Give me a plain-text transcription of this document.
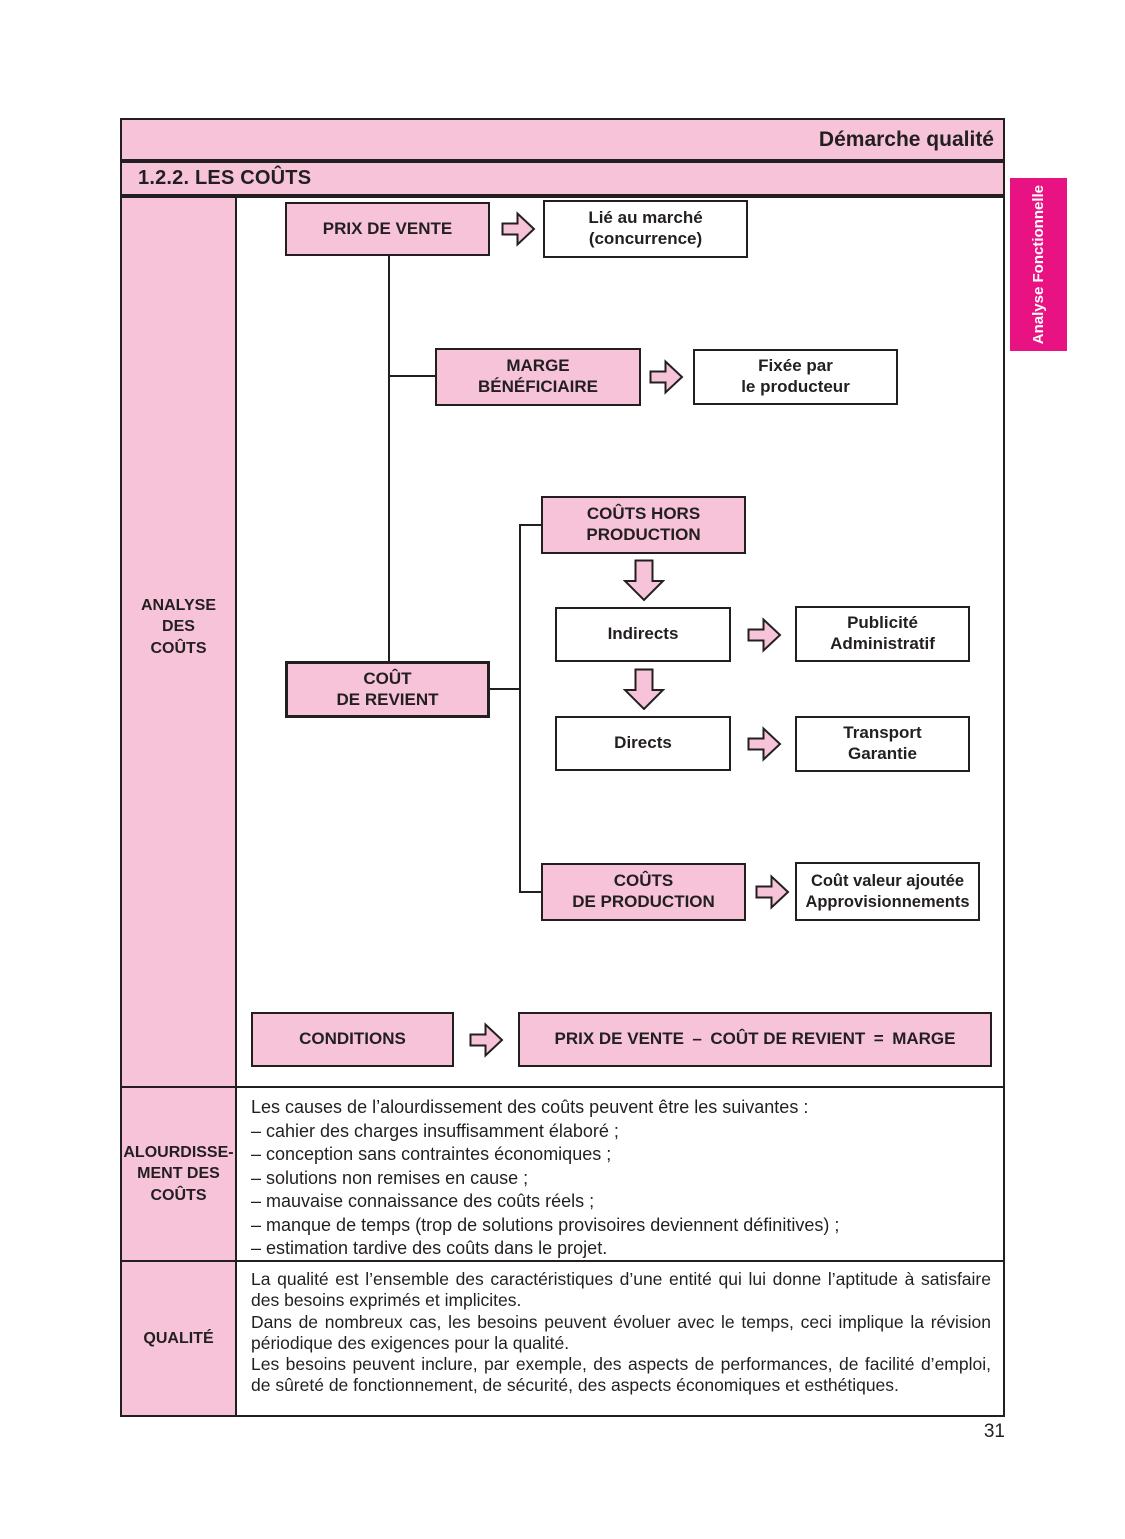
Démarche qualité
1.2.2. LES COÛTS
Analyse Fonctionnelle
ANALYSE
DES
COÛTS
PRIX DE VENTE
Lié au marché
(concurrence)
MARGE
BÉNÉFICIAIRE
Fixée par
le producteur
COÛTS HORS
PRODUCTION
Indirects
Publicité
Administratif
Directs
Transport
Garantie
COÛT
DE REVIENT
COÛTS
DE PRODUCTION
Coût valeur ajoutée
Approvisionnements
CONDITIONS	PRIX DE VENTE – COÛT DE REVIENT = MARGE
ALOURDISSE-
MENT DES
COÛTS
Les causes de l’alourdissement des coûts peuvent être les suivantes :
– cahier des charges insuffisamment élaboré ;
– conception sans contraintes économiques ;
– solutions non remises en cause ;
– mauvaise connaissance des coûts réels ;
– manque de temps (trop de solutions provisoires deviennent définitives) ;
– estimation tardive des coûts dans le projet.
QUALITÉ

La qualité est l’ensemble des caractéristiques d’une entité qui lui donne l’aptitude à satisfaire des besoins exprimés et implicites.

Dans de nombreux cas, les besoins peuvent évoluer avec le temps, ceci implique la révision périodique des exigences pour la qualité.

Les besoins peuvent inclure, par exemple, des aspects de performances, de facilité d’emploi, de sûreté de fonctionnement, de sécurité, des aspects économiques et esthétiques.

31
